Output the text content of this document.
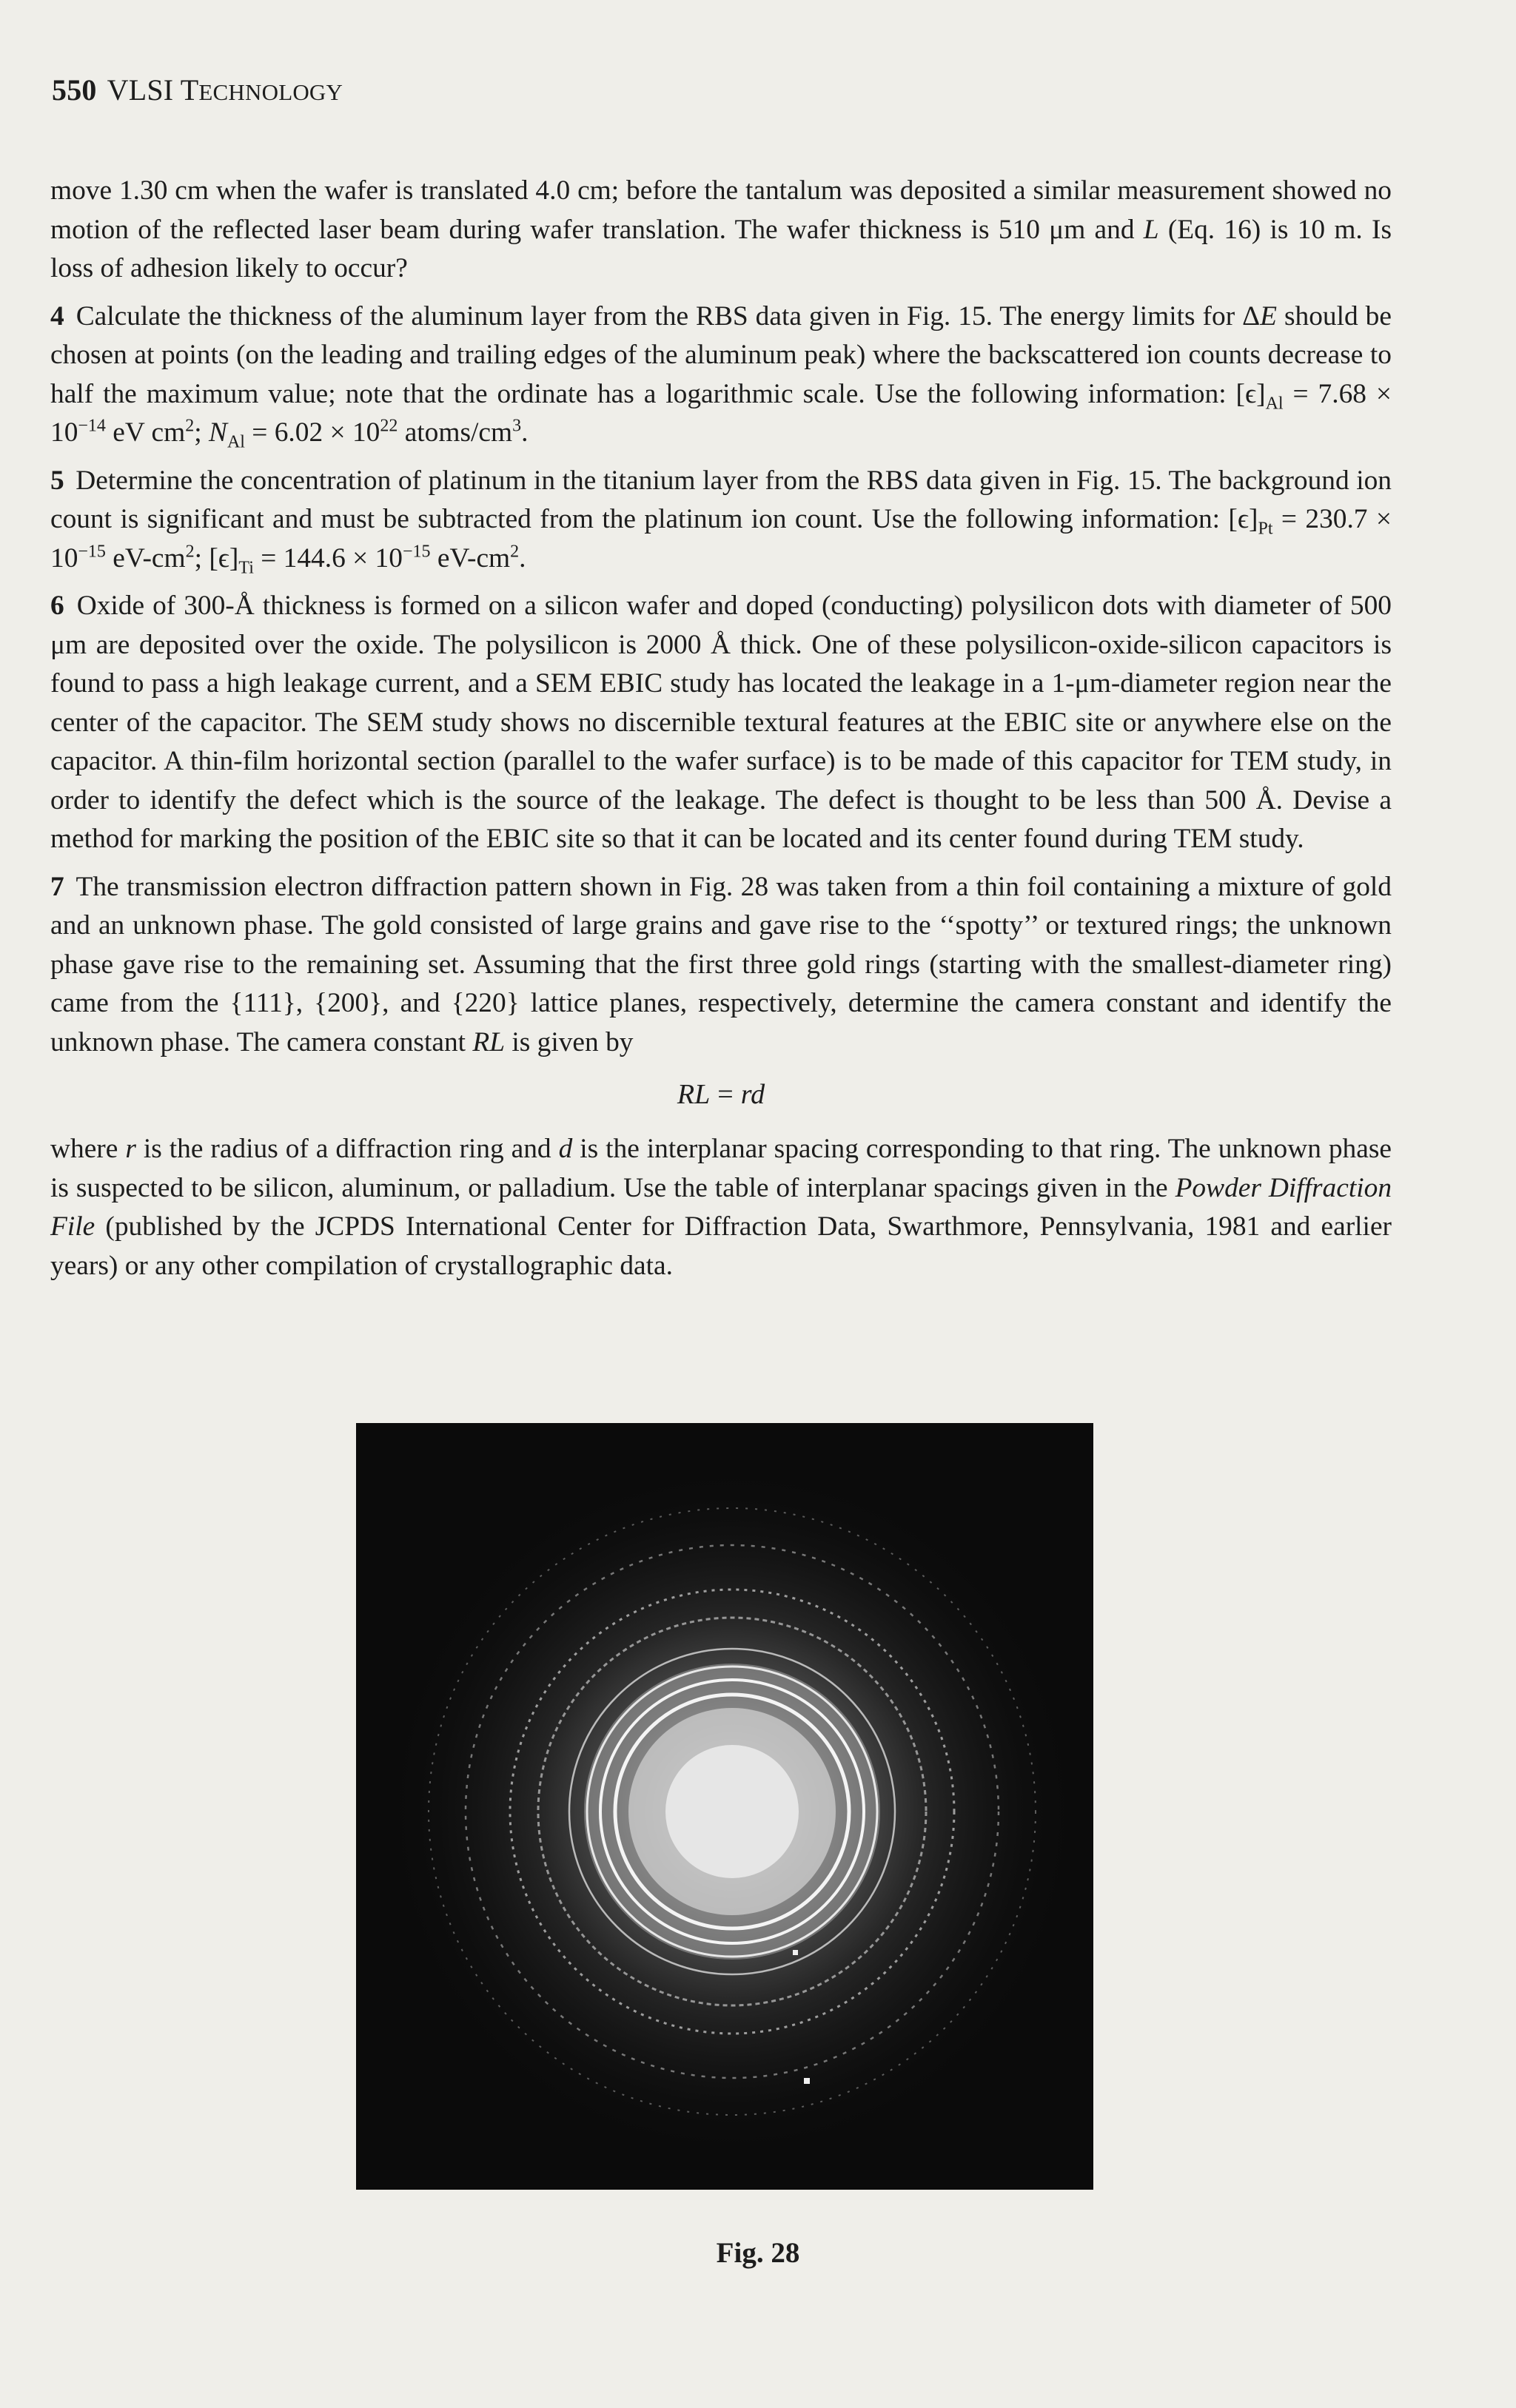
550 VLSI TECHNOLOGY

move 1.30 cm when the wafer is translated 4.0 cm; before the tantalum was deposited a similar measurement showed no motion of the reflected laser beam during wafer translation. The wafer thickness is 510 μm and L (Eq. 16) is 10 m. Is loss of adhesion likely to occur?

4 Calculate the thickness of the aluminum layer from the RBS data given in Fig. 15. The energy limits for ΔE should be chosen at points (on the leading and trailing edges of the aluminum peak) where the backscattered ion counts decrease to half the maximum value; note that the ordinate has a logarithmic scale. Use the following information: $[\epsilon]_{Al} = 7.68 \times 10^{-14}$ eV $cm^2$; $N_{Al} = 6.02 \times 10^{22}$ atoms/$cm^3$.

5 Determine the concentration of platinum in the titanium layer from the RBS data given in Fig. 15. The background ion count is significant and must be subtracted from the platinum ion count. Use the following information: $[\epsilon]_{Pt} = 230.7 \times 10^{-15}$ $eV-cm^2$; $[\epsilon]_{Ti} = 144.6 \times 10^{-15}$ $eV-cm^2$.

6 Oxide of 300-Å thickness is formed on a silicon wafer and doped (conducting) polysilicon dots with diameter of 500 μm are deposited over the oxide. The polysilicon is 2000 Å thick. One of these polysilicon-oxide-silicon capacitors is found to pass a high leakage current, and a SEM EBIC study has located the leakage in a 1-μm-diameter region near the center of the capacitor. The SEM study shows no discernible textural features at the EBIC site or anywhere else on the capacitor. A thin-film horizontal section (parallel to the wafer surface) is to be made of this capacitor for TEM study, in order to identify the defect which is the source of the leakage. The defect is thought to be less than 500 Å. Devise a method for marking the position of the EBIC site so that it can be located and its center found during TEM study.

7 The transmission electron diffraction pattern shown in Fig. 28 was taken from a thin foil containing a mixture of gold and an unknown phase. The gold consisted of large grains and gave rise to the ‘‘spotty’’ or textured rings; the unknown phase gave rise to the remaining set. Assuming that the first three gold rings (starting with the smallest-diameter ring) came from the {111}, {200}, and {220} lattice planes, respectively, determine the camera constant and identify the unknown phase. The camera constant RL is given by

RL = rd

where r is the radius of a diffraction ring and d is the interplanar spacing corresponding to that ring. The unknown phase is suspected to be silicon, aluminum, or palladium. Use the table of interplanar spacings given in the Powder Diffraction File (published by the JCPDS International Center for Diffraction Data, Swarthmore, Pennsylvania, 1981 and earlier years) or any other compilation of crystallographic data.

Fig. 28
